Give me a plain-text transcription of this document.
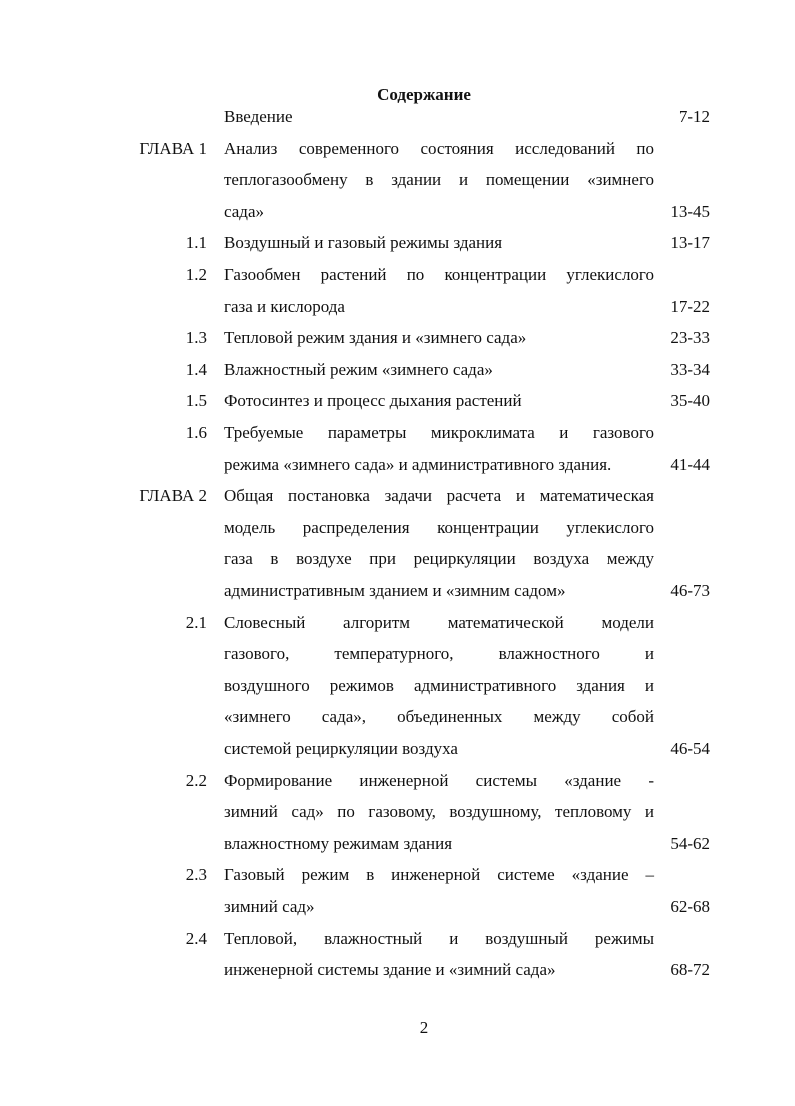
Содержание
Введение	7-12
ГЛАВА 1 Анализ современного состояния исследований по
теплогазообмену в здании и помещении «зимнего
сада»	13-45
1.1 Воздушный и газовый режимы здания	13-17
1.2 Газообмен растений по концентрации углекислого
газа и кислорода	17-22
1.3 Тепловой режим здания и «зимнего сада»	23-33
1.4 Влажностный режим «зимнего сада»	33-34
1.5 Фотосинтез и процесс дыхания растений	35-40
1.6 Требуемые параметры микроклимата и газового
режима «зимнего сада» и административного здания.	41-44
ГЛАВА 2 Общая постановка задачи расчета и математическая
модель распределения концентрации углекислого
газа в воздухе при рециркуляции воздуха между
административным зданием и «зимним садом»	46-73
2.1 Словесный алгоритм математической модели
газового, температурного, влажностного и
воздушного режимов административного здания и
«зимнего сада», объединенных между собой
системой рециркуляции воздуха	46-54
2.2 Формирование инженерной системы «здание -
зимний сад» по газовому, воздушному, тепловому и
влажностному режимам здания	54-62
2.3 Газовый режим в инженерной системе «здание –
зимний сад»	62-68
2.4 Тепловой, влажностный и воздушный режимы
инженерной системы здание и «зимний сада»	68-72
2
